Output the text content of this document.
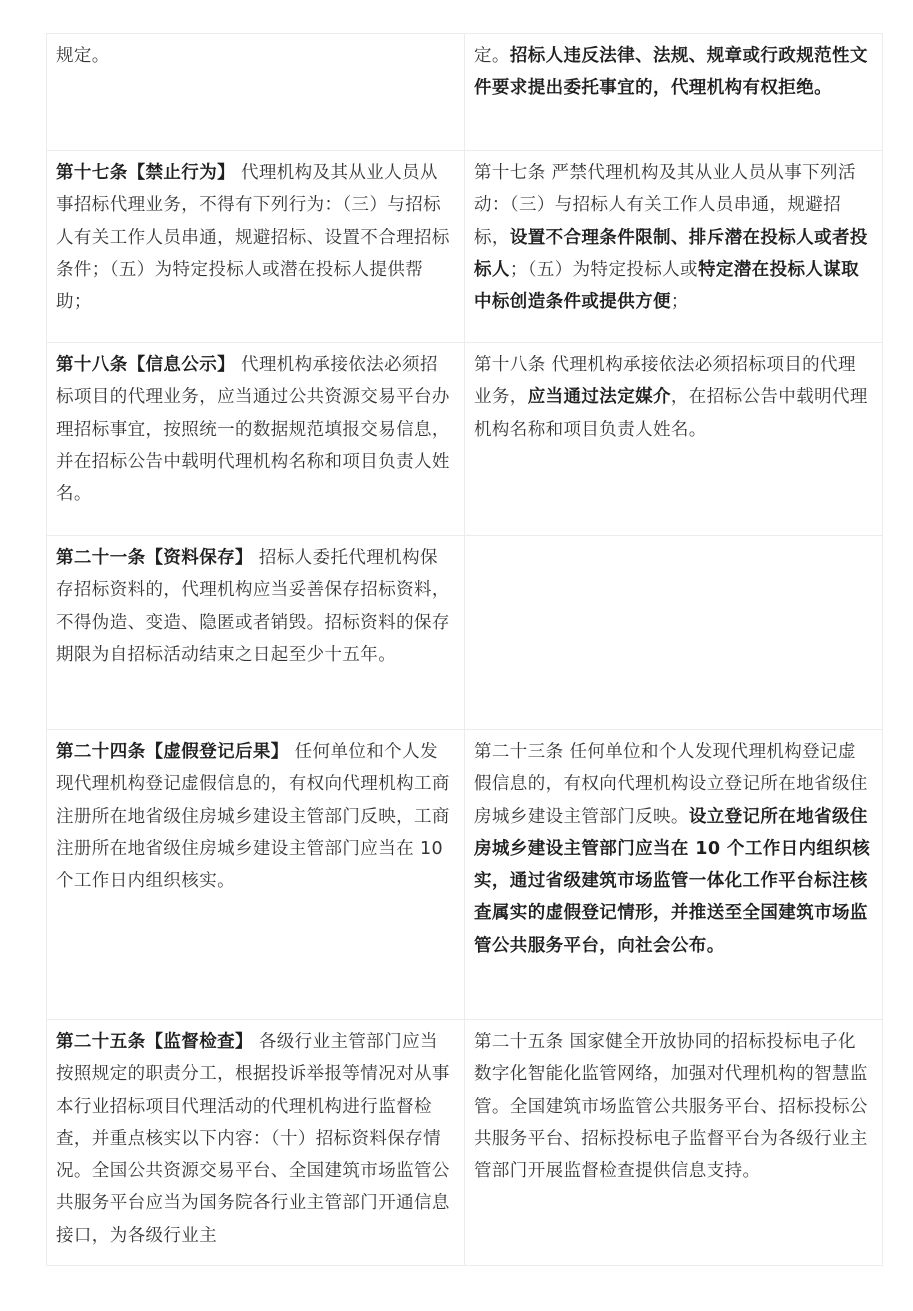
规定。	定。招标人违反法律、法规、规章或行政规范性文件要求提出委托事宜的，代理机构有权拒绝。
第十七条【禁止行为】 代理机构及其从业人员从事招标代理业务，不得有下列行为：（三）与招标人有关工作人员串通，规避招标、设置不合理招标条件；（五）为特定投标人或潜在投标人提供帮助；	第十七条 严禁代理机构及其从业人员从事下列活动：（三）与招标人有关工作人员串通，规避招标，设置不合理条件限制、排斥潜在投标人或者投标人；（五）为特定投标人或特定潜在投标人谋取中标创造条件或提供方便；
第十八条【信息公示】 代理机构承接依法必须招标项目的代理业务，应当通过公共资源交易平台办理招标事宜，按照统一的数据规范填报交易信息，并在招标公告中载明代理机构名称和项目负责人姓名。	第十八条 代理机构承接依法必须招标项目的代理业务，应当通过法定媒介，在招标公告中载明代理机构名称和项目负责人姓名。
第二十一条【资料保存】 招标人委托代理机构保存招标资料的，代理机构应当妥善保存招标资料，不得伪造、变造、隐匿或者销毁。招标资料的保存期限为自招标活动结束之日起至少十五年。	
第二十四条【虚假登记后果】 任何单位和个人发现代理机构登记虚假信息的，有权向代理机构工商注册所在地省级住房城乡建设主管部门反映，工商注册所在地省级住房城乡建设主管部门应当在 10 个工作日内组织核实。	第二十三条 任何单位和个人发现代理机构登记虚假信息的，有权向代理机构设立登记所在地省级住房城乡建设主管部门反映。设立登记所在地省级住房城乡建设主管部门应当在 10 个工作日内组织核实，通过省级建筑市场监管一体化工作平台标注核查属实的虚假登记情形，并推送至全国建筑市场监管公共服务平台，向社会公布。
第二十五条【监督检查】 各级行业主管部门应当按照规定的职责分工，根据投诉举报等情况对从事本行业招标项目代理活动的代理机构进行监督检查，并重点核实以下内容：（十）招标资料保存情况。全国公共资源交易平台、全国建筑市场监管公共服务平台应当为国务院各行业主管部门开通信息接口，为各级行业主	第二十五条 国家健全开放协同的招标投标电子化数字化智能化监管网络，加强对代理机构的智慧监管。全国建筑市场监管公共服务平台、招标投标公共服务平台、招标投标电子监督平台为各级行业主管部门开展监督检查提供信息支持。
